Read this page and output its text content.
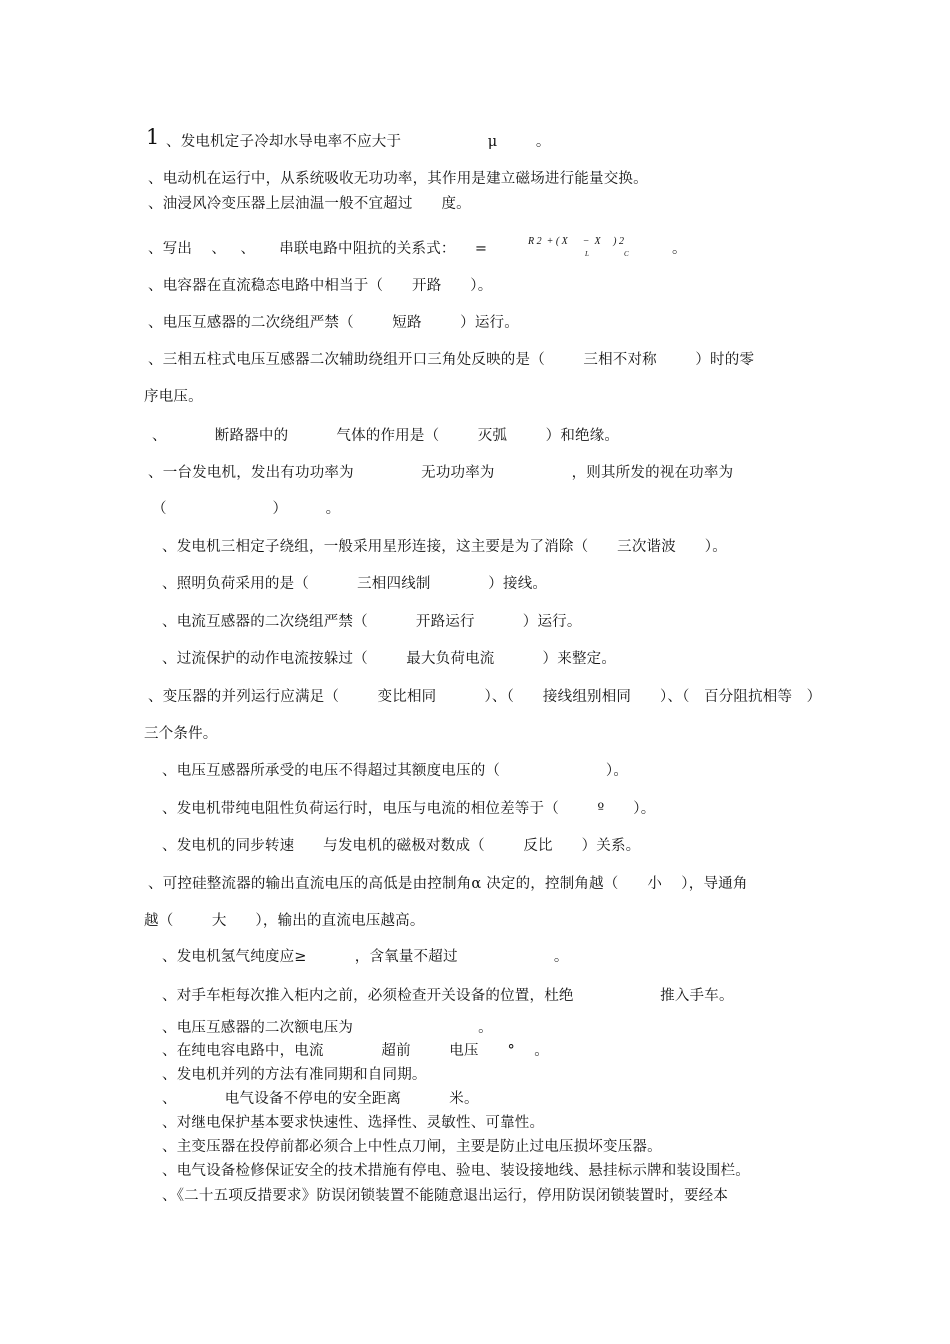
1 、发电机定子冷却水导电率不应大于                  μ        。
、电动机在运行中，从系统吸收无功功率，其作用是建立磁场进行能量交换。
、油浸风冷变压器上层油温一般不宜超过      度。
、写出    、   、     串联电路中阻抗的关系式：    =	。
、电容器在直流稳态电路中相当于（      开路      ）。
、电压互感器的二次绕组严禁（        短路        ）运行。
、三相五柱式电压互感器二次辅助绕组开口三角处反映的是（        三相不对称        ）时的零
序电压。
、          断路器中的          气体的作用是（        灭弧        ）和绝缘。
、一台发电机，发出有功功率为              无功功率为                ，则其所发的视在功率为
（                      ）        。
、发电机三相定子绕组，一般采用星形连接，这主要是为了消除（      三次谐波      ）。
、照明负荷采用的是（          三相四线制            ）接线。
、电流互感器的二次绕组严禁（          开路运行          ）运行。
、过流保护的动作电流按躲过（        最大负荷电流          ）来整定。
、变压器的并列运行应满足（        变比相同          ）、（      接线组别相同      ）、（   百分阻抗相等   ）
三个条件。
、电压互感器所承受的电压不得超过其额度电压的（                      ）。
、发电机带纯电阻性负荷运行时，电压与电流的相位差等于（        º      ）。
、发电机的同步转速      与发电机的磁极对数成（        反比      ）关系。
、可控硅整流器的输出直流电压的高低是由控制角α 决定的，控制角越（      小    ），导通角
越（        大      ），输出的直流电压越高。
、发电机氢气纯度应≥          ，含氧量不超过                    。
、对手车柜每次推入柜内之前，必须检查开关设备的位置，杜绝                  推入手车。
、电压互感器的二次额电压为                          。
、在纯电容电路中，电流            超前        电压      °    。
、发电机并列的方法有准同期和自同期。
、          电气设备不停电的安全距离          米。
、对继电保护基本要求快速性、选择性、灵敏性、可靠性。
、主变压器在投停前都必须合上中性点刀闸，主要是防止过电压损坏变压器。
、电气设备检修保证安全的技术措施有停电、验电、装设接地线、悬挂标示牌和装设围栏。
、《二十五项反措要求》防误闭锁装置不能随意退出运行，停用防误闭锁装置时，要经本
R 2  + ( X      −  X     ) 2
L	C
